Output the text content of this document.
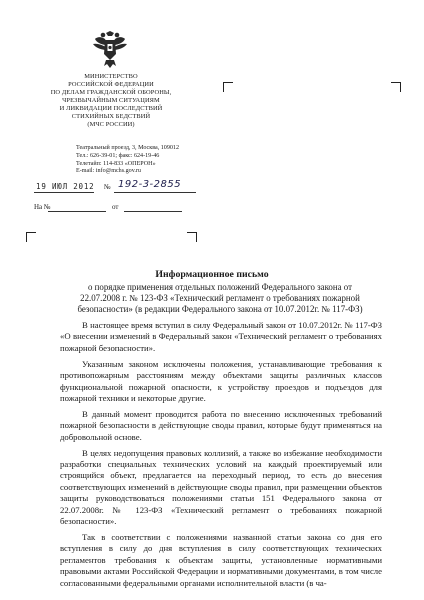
МИНИСТЕРСТВО
РОССИЙСКОЙ ФЕДЕРАЦИИ
ПО ДЕЛАМ ГРАЖДАНСКОЙ ОБОРОНЫ,
ЧРЕЗВЫЧАЙНЫМ СИТУАЦИЯМ
И ЛИКВИДАЦИИ ПОСЛЕДСТВИЙ
СТИХИЙНЫХ БЕДСТВИЙ
(МЧС РОССИИ)
Театральный проезд, 3, Москва, 109012
Тел.: 626-39-01; факс: 624-19-46
Телетайп: 114-833 «ОПЕРОН»
E-mail: info@mchs.gov.ru
19 ИЮЛ 2012 № 192-3-2855
На №	от
Информационное письмо
о порядке применения отдельных положений Федерального закона от
22.07.2008 г. № 123-ФЗ «Технический регламент о требованиях пожарной
безопасности» (в редакции Федерального закона от 10.07.2012г. № 117-ФЗ)

В настоящее время вступил в силу Федеральный закон от 10.07.2012г. № 117-ФЗ «О внесении изменений в Федеральный закон «Технический регламент о требованиях пожарной безопасности».

Указанным законом исключены положения, устанавливающие требования к противопожарным расстояниям между объектами защиты различных классов функциональной пожарной опасности, к устройству проездов и подъездов для пожарной техники и некоторые другие.

В данный момент проводится работа по внесению исключенных требований пожарной безопасности в действующие своды правил, которые будут применяться на добровольной основе.

В целях недопущения правовых коллизий, а также во избежание необходимости разработки специальных технических условий на каждый проектируемый или строящийся объект, предлагается на переходный период, то есть до внесения соответствующих изменений в действующие своды правил, при размещении объектов защиты руководствоваться положениями статьи 151 Федерального закона от 22.07.2008г. № 123-ФЗ «Технический регламент о требованиях пожарной безопасности».

Так в соответствии с положениями названной статьи закона со дня его вступления в силу до дня вступления в силу соответствующих технических регламентов требования к объектам защиты, установленные нормативными правовыми актами Российской Федерации и нормативными документами, в том числе согласованными федеральными органами исполнительной власти (в ча-
